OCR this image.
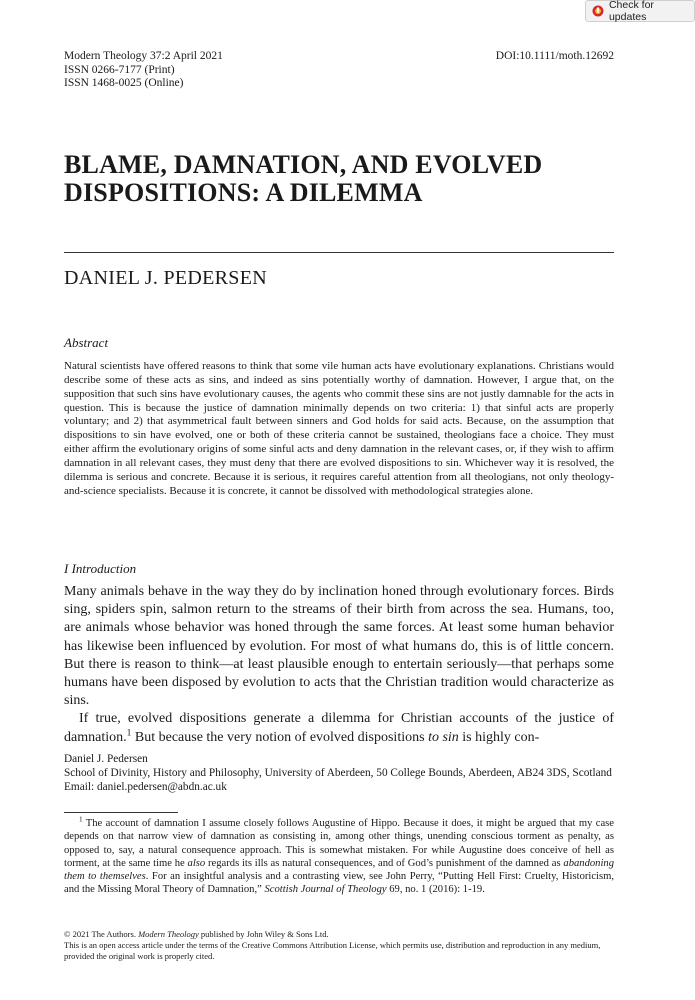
Check for updates
Modern Theology 37:2 April 2021
ISSN 0266-7177 (Print)
ISSN 1468-0025 (Online)
DOI:10.1111/moth.12692
BLAME, DAMNATION, AND EVOLVED
DISPOSITIONS: A DILEMMA
DANIEL J. PEDERSEN
Abstract

Natural scientists have offered reasons to think that some vile human acts have evolutionary explanations. Christians would describe some of these acts as sins, and indeed as sins potentially worthy of damnation. However, I argue that, on the supposition that such sins have evolutionary causes, the agents who commit these sins are not justly damnable for the acts in question. This is because the justice of damnation minimally depends on two criteria: 1) that sinful acts are properly voluntary; and 2) that asymmetrical fault between sinners and God holds for said acts. Because, on the assumption that dispositions to sin have evolved, one or both of these criteria cannot be sustained, theologians face a choice. They must either affirm the evolutionary origins of some sinful acts and deny damnation in the relevant cases, or, if they wish to affirm damnation in all relevant cases, they must deny that there are evolved dispositions to sin. Whichever way it is resolved, the dilemma is serious and concrete. Because it is serious, it requires careful attention from all theologians, not only theology-and-science specialists. Because it is concrete, it cannot be dissolved with methodological strategies alone.

I Introduction

Many animals behave in the way they do by inclination honed through evolutionary forces. Birds sing, spiders spin, salmon return to the streams of their birth from across the sea. Humans, too, are animals whose behavior was honed through the same forces. At least some human behavior has likewise been influenced by evolution. For most of what humans do, this is of little concern. But there is reason to think—at least plausible enough to entertain seriously—that perhaps some humans have been disposed by evolution to acts that the Christian tradition would characterize as sins.

If true, evolved dispositions generate a dilemma for Christian accounts of the justice of damnation.$^1$ But because the very notion of evolved dispositions to sin is highly con-

Daniel J. Pedersen
School of Divinity, History and Philosophy, University of Aberdeen, 50 College Bounds, Aberdeen, AB24 3DS, Scotland
Email: daniel.pedersen@abdn.ac.uk
$^1$ The account of damnation I assume closely follows Augustine of Hippo. Because it does, it might be argued that my case depends on that narrow view of damnation as consisting in, among other things, unending conscious torment as penalty, as opposed to, say, a natural consequence approach. This is somewhat mistaken. For while Augustine does conceive of hell as torment, at the same time he also regards its ills as natural consequences, and of God’s punishment of the damned as abandoning them to themselves. For an insightful analysis and a contrasting view, see John Perry, “Putting Hell First: Cruelty, Historicism, and the Missing Moral Theory of Damnation,” Scottish Journal of Theology 69, no. 1 (2016): 1-19.
© 2021 The Authors. Modern Theology published by John Wiley & Sons Ltd.
This is an open access article under the terms of the Creative Commons Attribution License, which permits use, distribution and reproduction in any medium, provided the original work is properly cited.
